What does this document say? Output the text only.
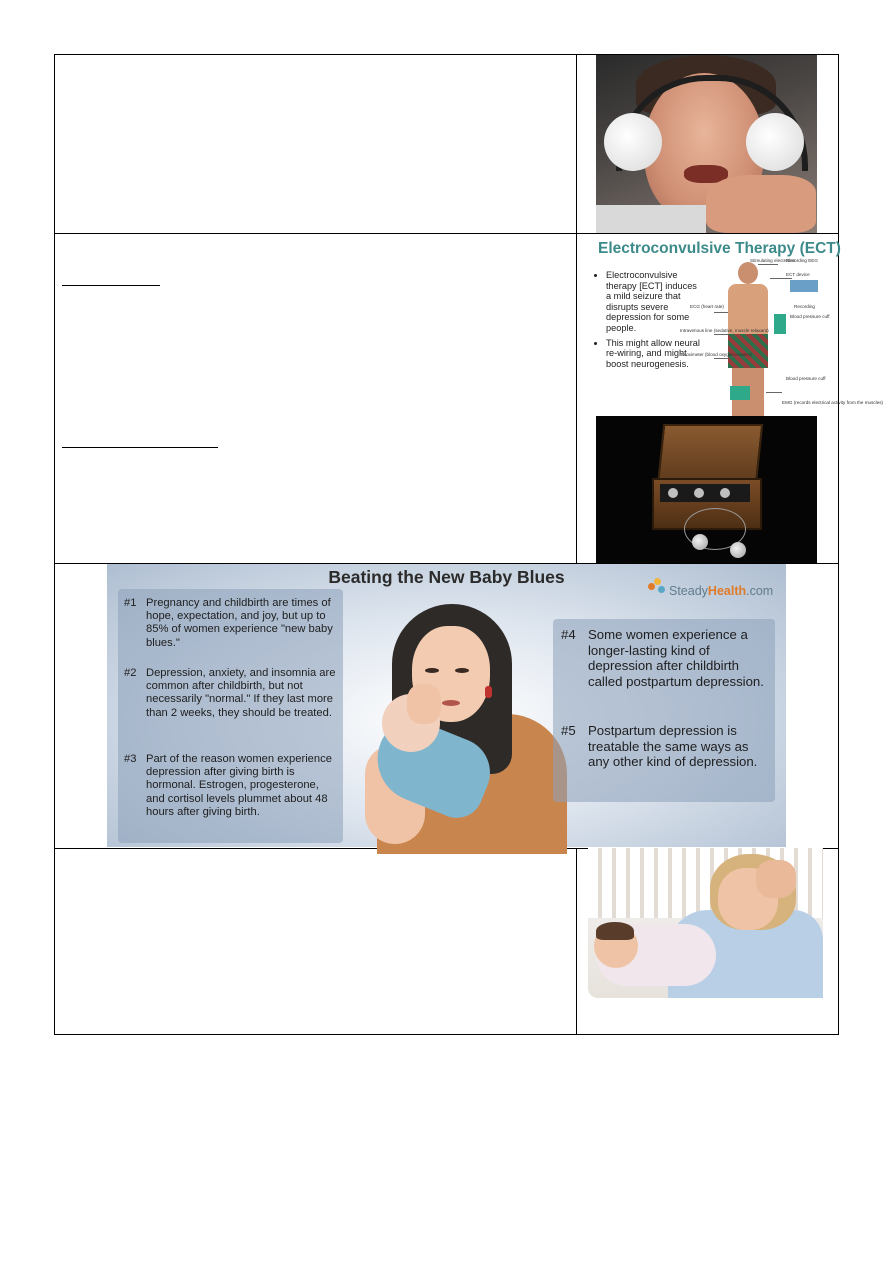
Electroconvulsive Therapy (ECT)
• Electroconvulsive therapy [ECT] induces a mild seizure that disrupts severe depression for some people.
• This might allow neural re-wiring, and might boost neurogenesis.
Stimulating electrodes
Recording EEG
ECT device
Recording
Blood pressure cuff
ECG (heart rate)
Intravenous line (sedative, muscle relaxant)
To oximeter (blood oxygen monitor)
Blood pressure cuff
EMG (records electrical activity from the muscles)
Beating the New Baby Blues
SteadyHealth.com
#1 Pregnancy and childbirth are times of hope, expectation, and joy, but up to 85% of women experience "new baby blues."
#2 Depression, anxiety, and insomnia are common after childbirth, but not necessarily "normal." If they last more than 2 weeks, they should be treated.
#3 Part of the reason women experience depression after giving birth is hormonal. Estrogen, progesterone, and cortisol levels plummet about 48 hours after giving birth.
#4 Some women experience a longer-lasting kind of depression after childbirth called postpartum depression.
#5 Postpartum depression is treatable the same ways as any other kind of depression.
